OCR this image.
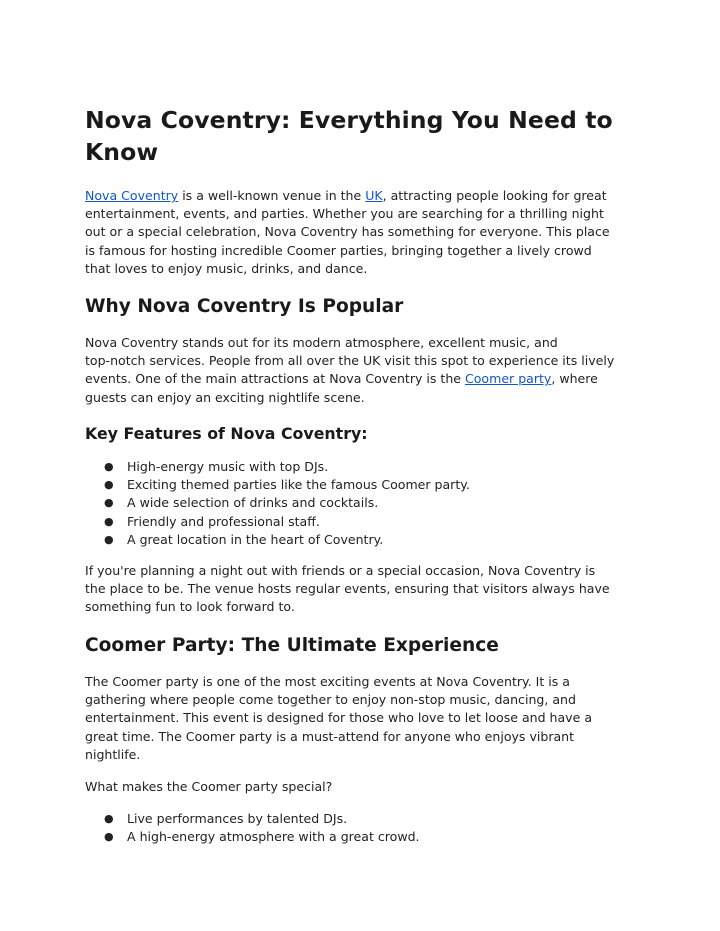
Nova Coventry: Everything You Need to Know

Nova Coventry is a well-known venue in the UK, attracting people looking for great
entertainment, events, and parties. Whether you are searching for a thrilling night
out or a special celebration, Nova Coventry has something for everyone. This place
is famous for hosting incredible Coomer parties, bringing together a lively crowd
that loves to enjoy music, drinks, and dance.

Why Nova Coventry Is Popular

Nova Coventry stands out for its modern atmosphere, excellent music, and
top-notch services. People from all over the UK visit this spot to experience its lively
events. One of the main attractions at Nova Coventry is the Coomer party, where
guests can enjoy an exciting nightlife scene.

Key Features of Nova Coventry:
● High-energy music with top DJs.
● Exciting themed parties like the famous Coomer party.
● A wide selection of drinks and cocktails.
● Friendly and professional staff.
● A great location in the heart of Coventry.

If you're planning a night out with friends or a special occasion, Nova Coventry is
the place to be. The venue hosts regular events, ensuring that visitors always have
something fun to look forward to.

Coomer Party: The Ultimate Experience

The Coomer party is one of the most exciting events at Nova Coventry. It is a
gathering where people come together to enjoy non-stop music, dancing, and
entertainment. This event is designed for those who love to let loose and have a
great time. The Coomer party is a must-attend for anyone who enjoys vibrant
nightlife.

What makes the Coomer party special?

● Live performances by talented DJs.
● A high-energy atmosphere with a great crowd.
